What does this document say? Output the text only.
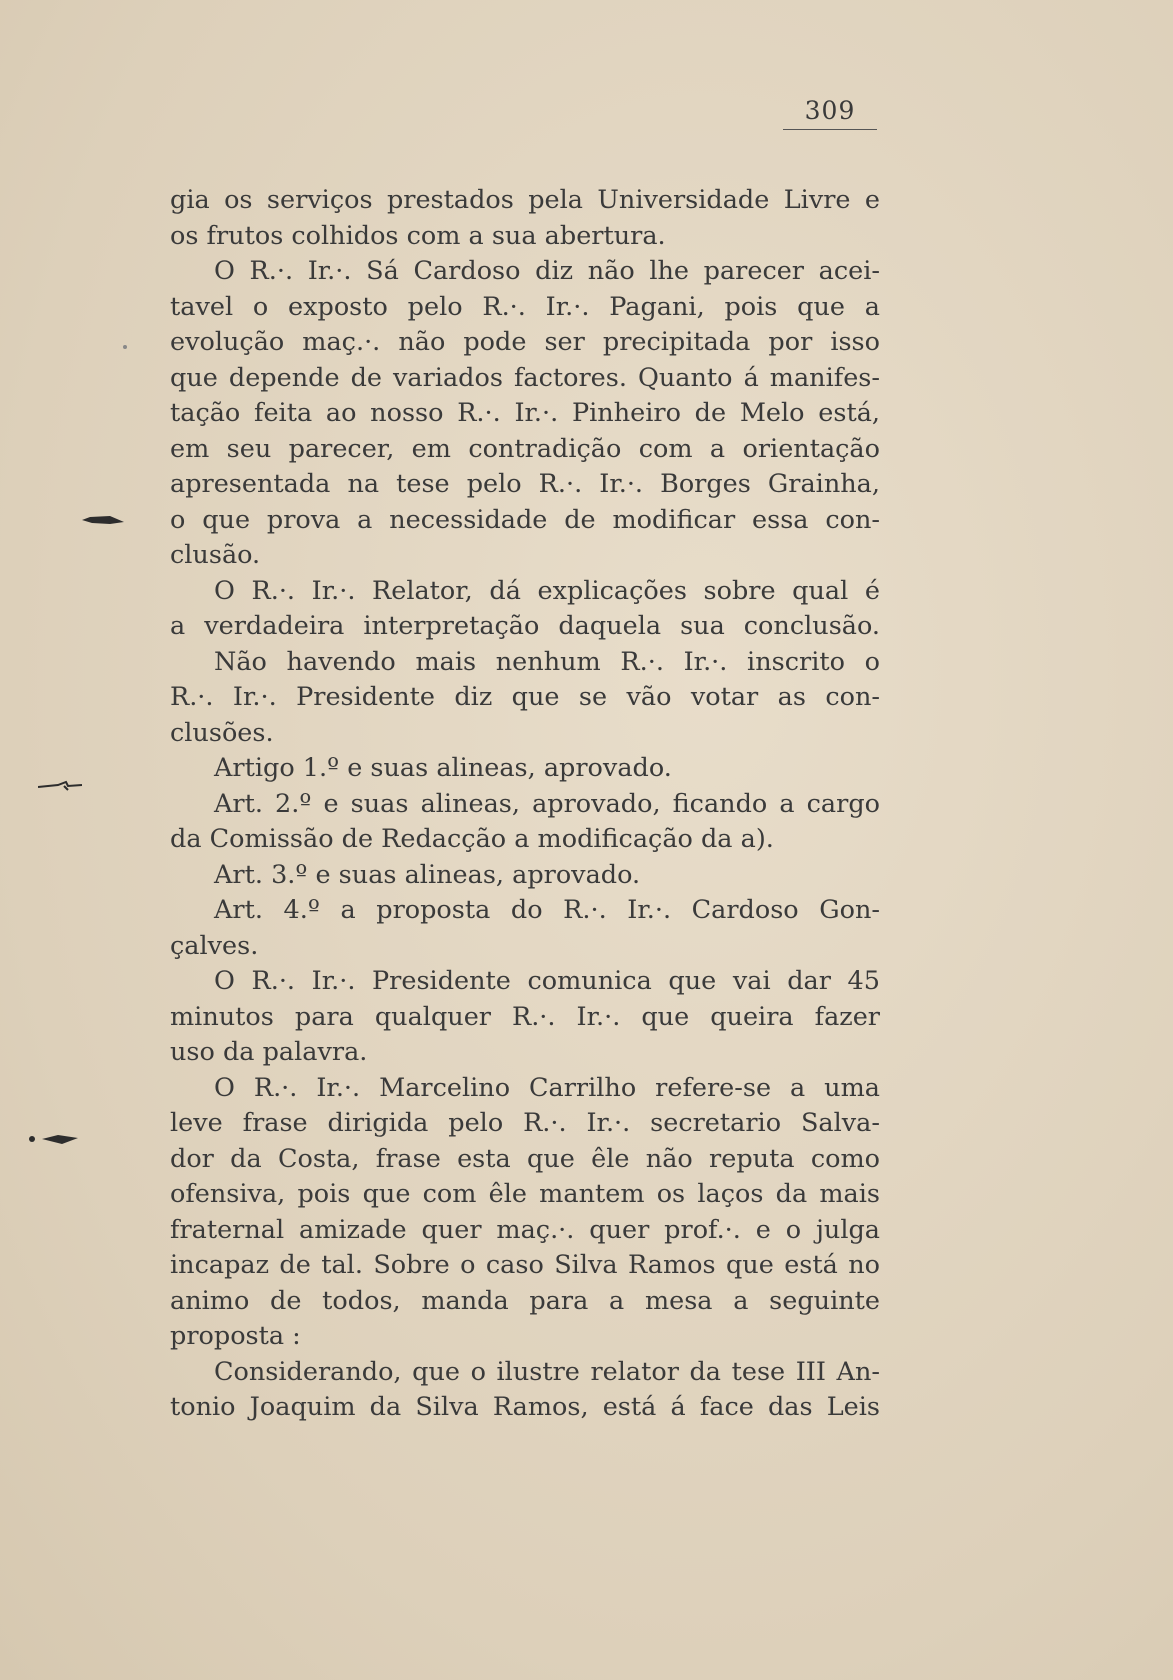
309
gia os serviços prestados pela Universidade Livre e
os frutos colhidos com a sua abertura.
O R.·. Ir.·. Sá Cardoso diz não lhe parecer acei-
tavel o exposto pelo R.·. Ir.·. Pagani, pois que a
evolução maç.·. não pode ser precipitada por isso
que depende de variados factores. Quanto á manifes-
tação feita ao nosso R.·. Ir.·. Pinheiro de Melo está,
em seu parecer, em contradição com a orientação
apresentada na tese pelo R.·. Ir.·. Borges Grainha,
o que prova a necessidade de modificar essa con-
clusão.
O R.·. Ir.·. Relator, dá explicações sobre qual é
a verdadeira interpretação daquela sua conclusão.
Não havendo mais nenhum R.·. Ir.·. inscrito o
R.·. Ir.·. Presidente diz que se vão votar as con-
clusões.
Artigo 1.º e suas alineas, aprovado.
Art. 2.º e suas alineas, aprovado, ficando a cargo
da Comissão de Redacção a modificação da a).
Art. 3.º e suas alineas, aprovado.
Art. 4.º a proposta do R.·. Ir.·. Cardoso Gon-
çalves.
O R.·. Ir.·. Presidente comunica que vai dar 45
minutos para qualquer R.·. Ir.·. que queira fazer
uso da palavra.
O R.·. Ir.·. Marcelino Carrilho refere-se a uma
leve frase dirigida pelo R.·. Ir.·. secretario Salva-
dor da Costa, frase esta que êle não reputa como
ofensiva, pois que com êle mantem os laços da mais
fraternal amizade quer maç.·. quer prof.·. e o julga
incapaz de tal. Sobre o caso Silva Ramos que está no
animo de todos, manda para a mesa a seguinte
proposta :
Considerando, que o ilustre relator da tese III An-
tonio Joaquim da Silva Ramos, está á face das Leis
